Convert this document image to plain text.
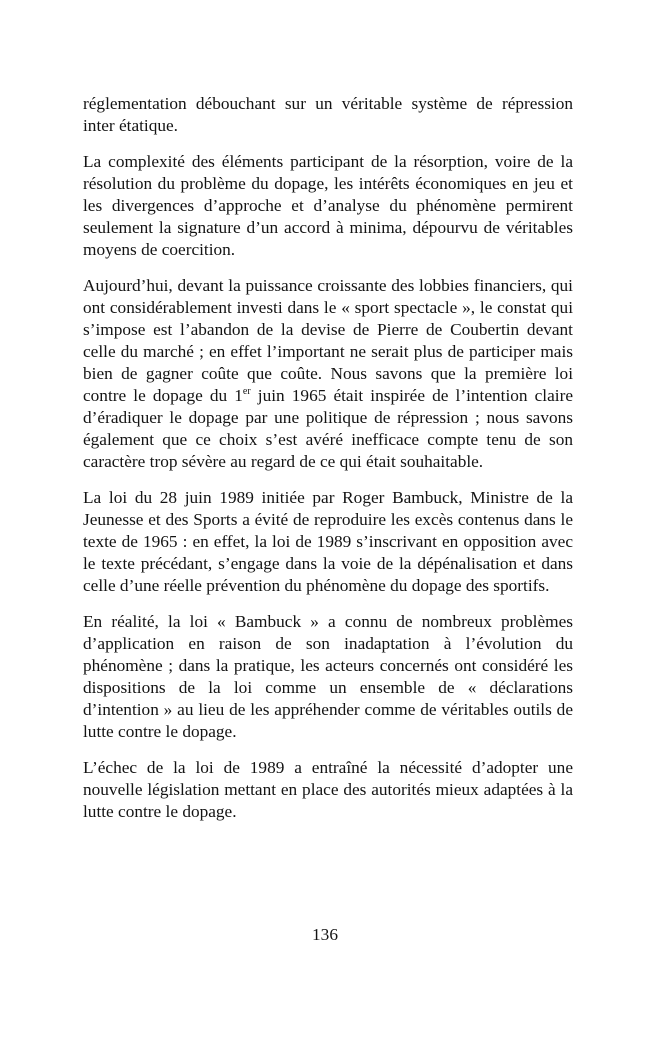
réglementation débouchant sur un véritable système de répression inter étatique.

La complexité des éléments participant de la résorption, voire de la résolution du problème du dopage, les intérêts économiques en jeu et les divergences d’approche et d’analyse du phénomène permirent seulement la signature d’un accord à minima, dépourvu de véritables moyens de coercition.

Aujourd’hui, devant la puissance croissante des lobbies financiers, qui ont considérablement investi dans le « sport spectacle », le constat qui s’impose est l’abandon de la devise de Pierre de Coubertin devant celle du marché ; en effet l’important ne serait plus de participer mais bien de gagner coûte que coûte. Nous savons que la première loi contre le dopage du 1er juin 1965 était inspirée de l’intention claire d’éradiquer le dopage par une politique de répression ; nous savons également que ce choix s’est avéré inefficace compte tenu de son caractère trop sévère au regard de ce qui était souhaitable.

La loi du 28 juin 1989 initiée par Roger Bambuck, Ministre de la Jeunesse et des Sports a évité de reproduire les excès contenus dans le texte de 1965 : en effet, la loi de 1989 s’inscrivant en opposition avec le texte précédant, s’engage dans la voie de la dépénalisation et dans celle d’une réelle prévention du phénomène du dopage des sportifs.

En réalité, la loi « Bambuck » a connu de nombreux problèmes d’application en raison de son inadaptation à l’évolution du phénomène ; dans la pratique, les acteurs concernés ont considéré les dispositions de la loi comme un ensemble de « déclarations d’intention » au lieu de les appréhender comme de véritables outils de lutte contre le dopage.

L’échec de la loi de 1989 a entraîné la nécessité d’adopter une nouvelle législation mettant en place des autorités mieux adaptées à la lutte contre le dopage.

136
